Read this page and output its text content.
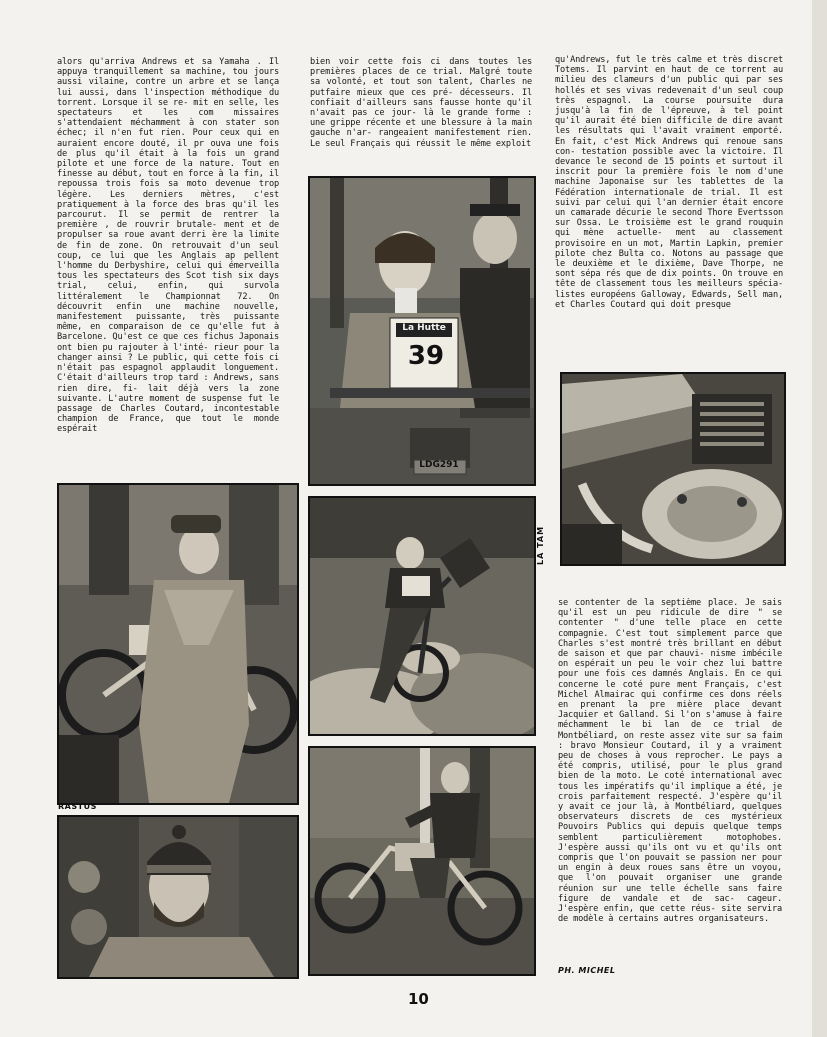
alors qu'arriva Andrews et sa Yamaha . Il appuya tranquillement sa machine, tou jours aussi vilaine, contre un arbre et se lança lui aussi, dans l'inspection méthodique du torrent. Lorsque il se re- mit en selle, les spectateurs et les com missaires s'attendaient méchamment à con stater son échec; il n'en fut rien. Pour ceux qui en auraient encore douté, il pr ouva une fois de plus qu'il était à la fois un grand pilote et une force de la nature. Tout en finesse au début, tout en force à la fin, il repoussa trois fois sa moto devenue trop légère. Les derniers mètres, c'est pratiquement à la force des bras qu'il les parcourut. Il se permit de rentrer la première , de rouvrir brutale- ment et de propulser sa roue avant derri ère la limite de fin de zone. On retrouvait d'un seul coup, ce lui que les Anglais ap pellent l'homme du Derbyshire, celui qui émerveilla tous les spectateurs des Scot tish six days trial, celui, enfin, qui survola littéralement le Championnat 72. On découvrit enfin une machine nouvelle, manifestement puissante, très puissante même, en comparaison de ce qu'elle fut à Barcelone. Qu'est ce que ces fichus Japonais ont bien pu rajouter à l'inté- rieur pour la changer ainsi ? Le public, qui cette fois ci n'était pas espagnol applaudit longuement. C'était d'ailleurs trop tard : Andrews, sans rien dire, fi- lait déjà vers la zone suivante. L'autre moment de suspense fut le passage de Charles Coutard, incontestable champion de France, que tout le monde espérait
bien voir cette fois ci dans toutes les premières places de ce trial. Malgré toute sa volonté, et tout son talent, Charles ne putfaire mieux que ces pré- décesseurs. Il confiait d'ailleurs sans fausse honte qu'il n'avait pas ce jour- là le grande forme : une grippe récente et une blessure à la main gauche n'ar- rangeaient manifestement rien. Le seul Français qui réussit le même exploit
qu'Andrews, fut le très calme et très discret Totems. Il parvint en haut de ce torrent au milieu des clameurs d'un public qui par ses hollés et ses vivas redevenait d'un seul coup très espagnol. La course poursuite dura jusqu'à la fin de l'épreuve, à tel point qu'il aurait été bien difficile de dire avant les résultats qui l'avait vraiment emporté. En fait, c'est Mick Andrews qui renoue sans con- testation possible avec la victoire. Il devance le second de 15 points et surtout il inscrit pour la première fois le nom d'une machine Japonaise sur les tablettes de la Fédération internationale de trial. Il est suivi par celui qui l'an dernier était encore un camarade décurie le second Thore Evertsson sur Ossa. Le troisième est le grand rouquin qui mène actuelle- ment au classement provisoire en un mot, Martin Lapkin, premier pilote chez Bulta co. Notons au passage que le deuxième et le dixième, Dave Thorpe, ne sont sépa rés que de dix points. On trouve en tête de classement tous les meilleurs spécia- listes européens Galloway, Edwards, Sell man, et Charles Coutard qui doit presque
se contenter de la septième place. Je sais qu'il est un peu ridicule de dire " se contenter " d'une telle place en cette compagnie. C'est tout simplement parce que Charles s'est montré très brillant en début de saison et que par chauvi- nisme imbécile on espérait un peu le voir chez lui battre pour une fois ces damnés Anglais. En ce qui concerne le coté pure ment Français, c'est Michel Almairac qui confirme ces dons réels en prenant la pre mière place devant Jacquier et Galland. Si l'on s'amuse à faire méchamment le bi lan de ce trial de Montbéliard, on reste assez vite sur sa faim : bravo Monsieur Coutard, il y a vraiment peu de choses à vous reprocher. Le pays a été compris, utilisé, pour le plus grand bien de la moto. Le coté international avec tous les impératifs qu'il implique a été, je crois parfaitement respecté. J'espère qu'il y avait ce jour là, à Montbéliard, quelques observateurs discrets de ces mystérieux Pouvoirs Publics qui depuis quelque temps semblent particulièrement motophobes. J'espère aussi qu'ils ont vu et qu'ils ont compris que l'on pouvait se passion ner pour un engin à deux roues sans être un voyou, que l'on pouvait organiser une grande réunion sur une telle échelle sans faire figure de vandale et de sac- cageur. J'espère enfin, que cette réus- site servira de modèle à certains autres organisateurs.
La Hutte
39
LDG291
RASTUS
LA TAM
PH. MICHEL
10
